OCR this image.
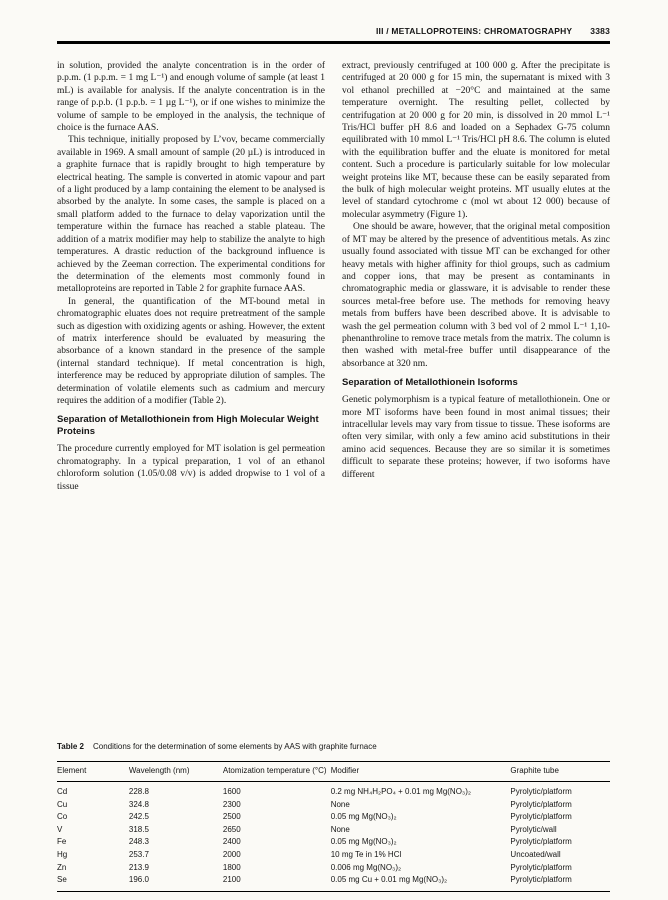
III / METALLOPROTEINS: CHROMATOGRAPHY 3383

in solution, provided the analyte concentration is in the order of p.p.m. (1 p.p.m. = 1 mg L⁻¹) and enough volume of sample (at least 1 mL) is available for analysis. If the analyte concentration is in the range of p.p.b. (1 p.p.b. = 1 µg L⁻¹), or if one wishes to minimize the volume of sample to be employed in the analysis, the technique of choice is the furnace AAS.

This technique, initially proposed by L’vov, became commercially available in 1969. A small amount of sample (20 µL) is introduced in a graphite furnace that is rapidly brought to high temperature by electrical heating. The sample is converted in atomic vapour and part of a light produced by a lamp containing the element to be analysed is absorbed by the analyte. In some cases, the sample is placed on a small platform added to the furnace to delay vaporization until the temperature within the furnace has reached a stable plateau. The addition of a matrix modifier may help to stabilize the analyte to high temperatures. A drastic reduction of the background influence is achieved by the Zeeman correction. The experimental conditions for the determination of the elements most commonly found in metalloproteins are reported in Table 2 for graphite furnace AAS.

In general, the quantification of the MT-bound metal in chromatographic eluates does not require pretreatment of the sample such as digestion with oxidizing agents or ashing. However, the extent of matrix interference should be evaluated by measuring the absorbance of a known standard in the presence of the sample (internal standard technique). If metal concentration is high, interference may be reduced by appropriate dilution of samples. The determination of volatile elements such as cadmium and mercury requires the addition of a modifier (Table 2).

Separation of Metallothionein from High Molecular Weight Proteins

The procedure currently employed for MT isolation is gel permeation chromatography. In a typical preparation, 1 vol of an ethanol chloroform solution (1.05/0.08 v/v) is added dropwise to 1 vol of a tissue

extract, previously centrifuged at 100 000 g. After the precipitate is centrifuged at 20 000 g for 15 min, the supernatant is mixed with 3 vol ethanol prechilled at −20°C and maintained at the same temperature overnight. The resulting pellet, collected by centrifugation at 20 000 g for 20 min, is dissolved in 20 mmol L⁻¹ Tris/HCl buffer pH 8.6 and loaded on a Sephadex G-75 column equilibrated with 10 mmol L⁻¹ Tris/HCl pH 8.6. The column is eluted with the equilibration buffer and the eluate is monitored for metal content. Such a procedure is particularly suitable for low molecular weight proteins like MT, because these can be easily separated from the bulk of high molecular weight proteins. MT usually elutes at the level of standard cytochrome c (mol wt about 12 000) because of molecular asymmetry (Figure 1).

One should be aware, however, that the original metal composition of MT may be altered by the presence of adventitious metals. As zinc usually found associated with tissue MT can be exchanged for other heavy metals with higher affinity for thiol groups, such as cadmium and copper ions, that may be present as contaminants in chromatographic media or glassware, it is advisable to render these sources metal-free before use. The methods for removing heavy metals from buffers have been described above. It is advisable to wash the gel permeation column with 3 bed vol of 2 mmol L⁻¹ 1,10-phenanthroline to remove trace metals from the matrix. The column is then washed with metal-free buffer until disappearance of the absorbance at 320 nm.

Separation of Metallothionein Isoforms

Genetic polymorphism is a typical feature of metallothionein. One or more MT isoforms have been found in most animal tissues; their intracellular levels may vary from tissue to tissue. These isoforms are often very similar, with only a few amino acid substitutions in their amino acid sequences. Because they are so similar it is sometimes difficult to separate these proteins; however, if two isoforms have different

Table 2 Conditions for the determination of some elements by AAS with graphite furnace
Element	Wavelength (nm)	Atomization temperature (°C)	Modifier	Graphite tube
Cd	228.8	1600	0.2 mg NH₄H₂PO₄ + 0.01 mg Mg(NO₃)₂	Pyrolytic/platform
Cu	324.8	2300	None	Pyrolytic/platform
Co	242.5	2500	0.05 mg Mg(NO₃)₂	Pyrolytic/platform
V	318.5	2650	None	Pyrolytic/wall
Fe	248.3	2400	0.05 mg Mg(NO₃)₂	Pyrolytic/platform
Hg	253.7	2000	10 mg Te in 1% HCl	Uncoated/wall
Zn	213.9	1800	0.006 mg Mg(NO₃)₂	Pyrolytic/platform
Se	196.0	2100	0.05 mg Cu + 0.01 mg Mg(NO₃)₂	Pyrolytic/platform
